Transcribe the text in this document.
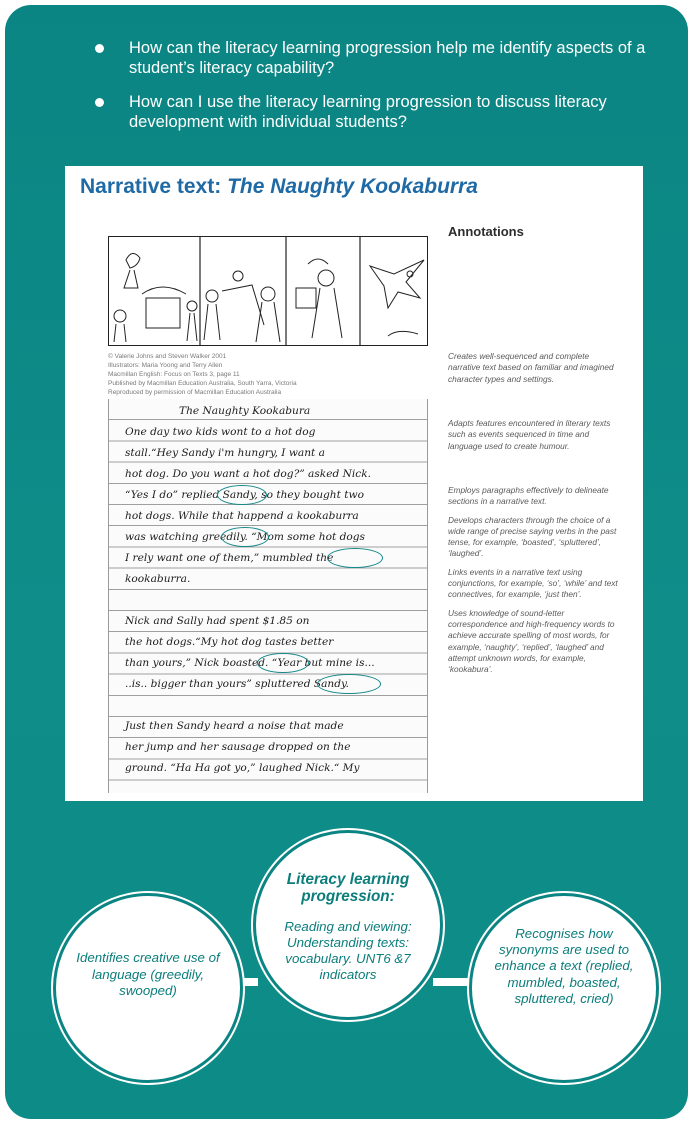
How can the literacy learning progression help me identify aspects of a student’s literacy capability?
How can I use the literacy learning progression to discuss literacy development with individual students?
Narrative text: The Naughty Kookaburra
© Valerie Johns and Steven Walker 2001
Illustrators: Maria Yoong and Terry Allen
Macmillan English: Focus on Texts 3, page 11
Published by Macmillan Education Australia, South Yarra, Victoria
Reproduced by permission of Macmillan Education Australia
The Naughty Kookabura
One day two kids wont to a hot dog
stall.“Hey Sandy i'm hungry, I want a
hot dog. Do you want a hot dog?” asked Nick.
“Yes I do” replied Sandy, so they bought two
hot dogs. While that happend a kookaburra
was watching greedily. “Mom some hot dogs
I rely want one of them,” mumbled the
kookaburra.
Nick and Sally had spent $1.85 on
the hot dogs.“My hot dog tastes better
than yours,” Nick boasted. “Year but mine is...
..is.. bigger than yours” spluttered Sandy.
Just then Sandy heard a noise that made
her jump and her sausage dropped on the
ground. “Ha Ha got yo,” laughed Nick.“ My
Annotations

Creates well-sequenced and complete narrative text based on familiar and imagined character types and settings.

Adapts features encountered in literary texts such as events sequenced in time and language used to create humour.

Employs paragraphs effectively to delineate sections in a narrative text.

Develops characters through the choice of a wide range of precise saying verbs in the past tense, for example, ‘boasted’, ‘spluttered’, ‘laughed’.

Links events in a narrative text using conjunctions, for example, ‘so’, ‘while’ and text connectives, for example, ‘just then’.

Uses knowledge of sound-letter correspondence and high-frequency words to achieve accurate spelling of most words, for example, ‘naughty’, ‘replied’, ‘laughed’ and attempt unknown words, for example, ‘kookabura’.

Identifies creative use of language (greedily, swooped)
Literacy learning progression:
Reading and viewing: Understanding texts: vocabulary. UNT6 &7 indicators
Recognises how synonyms are used to enhance a text (replied, mumbled, boasted, spluttered, cried)
